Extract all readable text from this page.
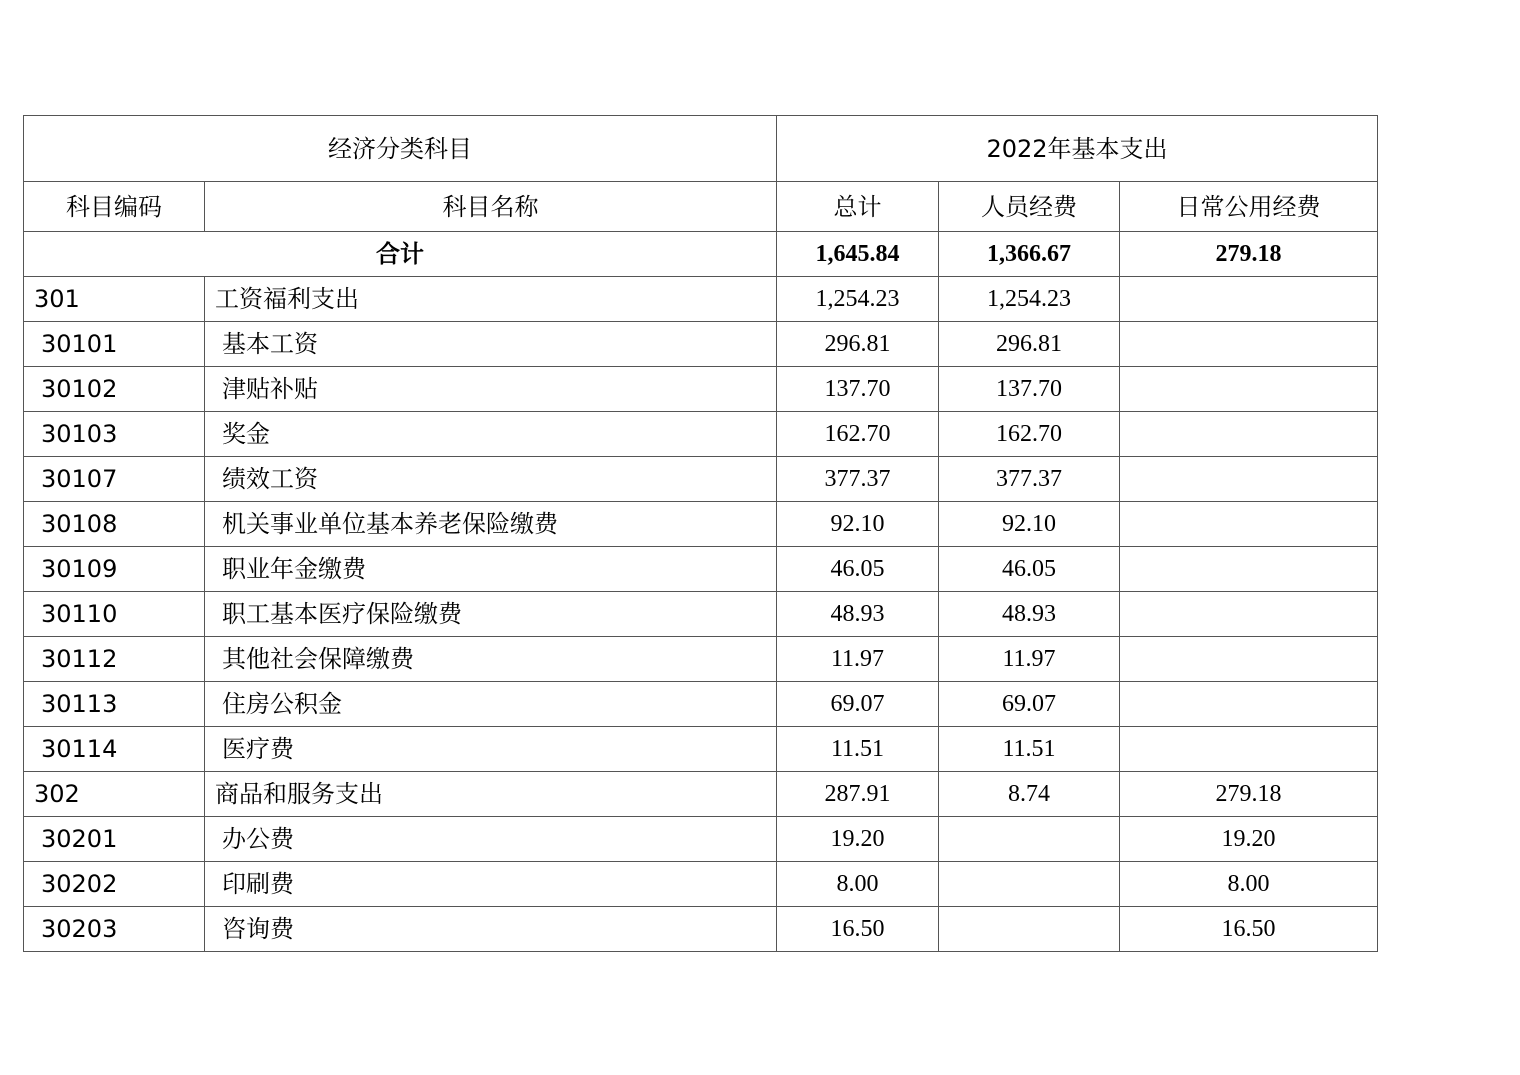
经济分类科目		2022年基本支出		
科目编码	科目名称	总计	人员经费	日常公用经费
合计		1,645.84	1,366.67	279.18
301	工资福利支出	1,254.23	1,254.23	
30101	基本工资	296.81	296.81	
30102	津贴补贴	137.70	137.70	
30103	奖金	162.70	162.70	
30107	绩效工资	377.37	377.37	
30108	机关事业单位基本养老保险缴费	92.10	92.10	
30109	职业年金缴费	46.05	46.05	
30110	职工基本医疗保险缴费	48.93	48.93	
30112	其他社会保障缴费	11.97	11.97	
30113	住房公积金	69.07	69.07	
30114	医疗费	11.51	11.51	
302	商品和服务支出	287.91	8.74	279.18
30201	办公费	19.20		19.20
30202	印刷费	8.00		8.00
30203	咨询费	16.50		16.50
